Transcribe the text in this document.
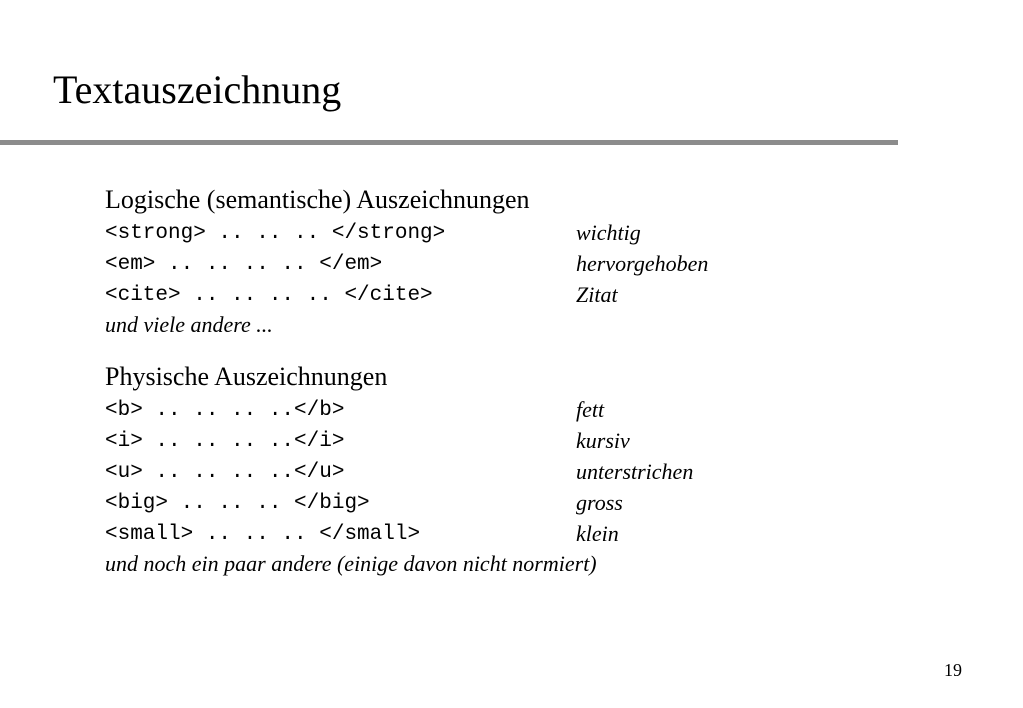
Textauszeichnung
Logische (semantische) Auszeichnungen
<strong> .. .. .. </strong>	wichtig
<em> .. .. .. .. </em>	hervorgehoben
<cite> .. .. .. .. </cite>	Zitat
und viele andere ...
Physische Auszeichnungen
<b> .. .. .. ..</b>	fett
<i> .. .. .. ..</i>	kursiv
<u> .. .. .. ..</u>	unterstrichen
<big> .. .. .. </big>	gross
<small> .. .. .. </small>	klein
und noch ein paar andere (einige davon nicht normiert)
19
